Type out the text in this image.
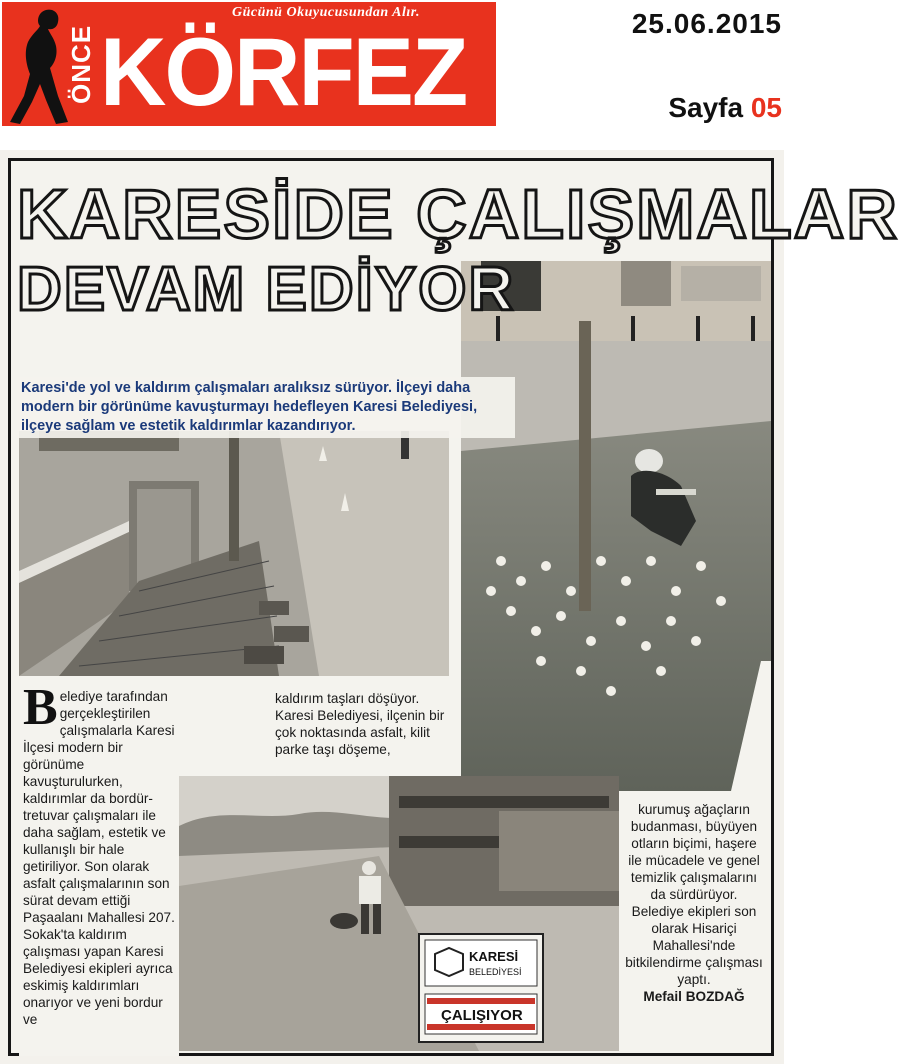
ÖNCE KÖRFEZ
Gücünü Okuyucusundan Alır.	25.06.2015
Sayfa 05
KARESİ
BELEDİYESİ
ÇALIŞIYOR
KARESİDE ÇALIŞMALAR
DEVAM EDİYOR
Karesi'de yol ve kaldırım çalışmaları aralıksız sürüyor. İlçeyi daha modern bir görünüme kavuşturmayı hedefleyen Karesi Belediyesi, ilçeye sağlam ve estetik kaldırımlar kazandırıyor.

B elediye tarafından gerçekleştirilen çalışmalarla Karesi İlçesi modern bir görünüme kavuşturulurken, kaldırımlar da bordür-tretuvar çalışmaları ile daha sağlam, estetik ve kullanışlı bir hale getiriliyor. Son olarak asfalt çalışmalarının son sürat devam ettiği Paşaalanı Mahallesi 207. Sokak'ta kaldırım çalışması yapan Karesi Belediyesi ekipleri ayrıca eskimiş kaldırımları onarıyor ve yeni bordur ve

kaldırım taşları döşüyor. Karesi Belediyesi, ilçenin bir çok noktasında asfalt, kilit parke taşı döşeme,

kurumuş ağaçların budanması, büyüyen otların biçimi, haşere ile mücadele ve genel temizlik çalışmalarını da sürdürüyor. Belediye ekipleri son olarak Hisariçi Mahallesi'nde bitkilendirme çalışması yaptı.

Mefail BOZDAĞ
